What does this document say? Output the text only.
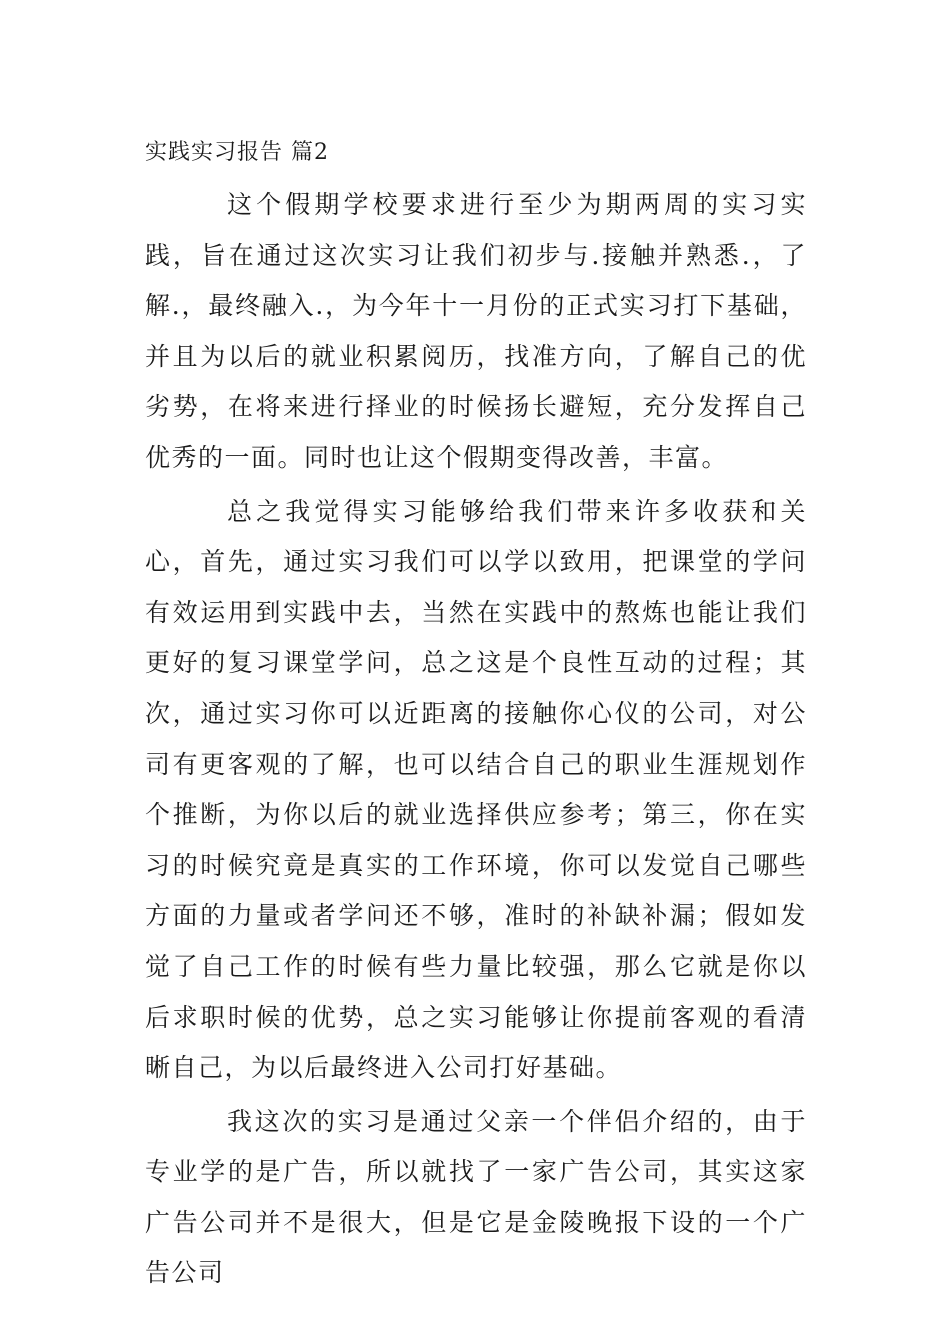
实践实习报告 篇2

这个假期学校要求进行至少为期两周的实习实践，旨在通过这次实习让我们初步与.接触并熟悉.，了解.，最终融入.，为今年十一月份的正式实习打下基础，并且为以后的就业积累阅历，找准方向，了解自己的优劣势，在将来进行择业的时候扬长避短，充分发挥自己优秀的一面。同时也让这个假期变得改善，丰富。

总之我觉得实习能够给我们带来许多收获和关心，首先，通过实习我们可以学以致用，把课堂的学问有效运用到实践中去，当然在实践中的熬炼也能让我们更好的复习课堂学问，总之这是个良性互动的过程；其次，通过实习你可以近距离的接触你心仪的公司，对公司有更客观的了解，也可以结合自己的职业生涯规划作个推断，为你以后的就业选择供应参考；第三，你在实习的时候究竟是真实的工作环境，你可以发觉自己哪些方面的力量或者学问还不够，准时的补缺补漏；假如发觉了自己工作的时候有些力量比较强，那么它就是你以后求职时候的优势，总之实习能够让你提前客观的看清晰自己，为以后最终进入公司打好基础。

我这次的实习是通过父亲一个伴侣介绍的，由于专业学的是广告，所以就找了一家广告公司，其实这家广告公司并不是很大，但是它是金陵晚报下设的一个广告公司
